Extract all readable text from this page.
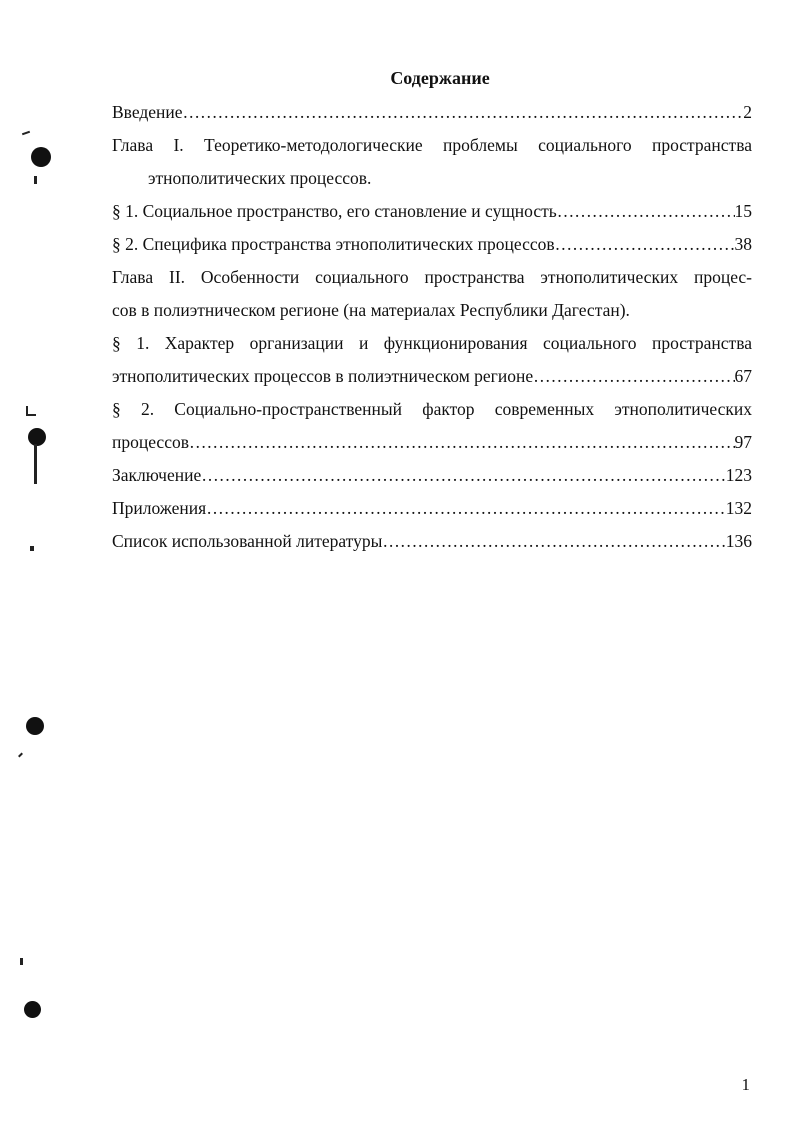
Содержание
Введение ………………………………………………………………………………………………………………………………………………………………………………………………	2
Глава I. Теоретико-методологические проблемы социального пространства
этнополитических процессов.
§ 1. Социальное пространство, его становление и сущность ………………………………………………………………………………………………………………………………………………………………………………………………	15
§ 2. Специфика пространства этнополитических процессов ………………………………………………………………………………………………………………………………………………………………………………………………	38
Глава II. Особенности социального пространства этнополитических процес-
сов в полиэтническом регионе (на материалах Республики Дагестан).
§ 1. Характер организации и функционирования социального пространства
этнополитических процессов в полиэтническом регионе ………………………………………………………………………………………………………………………………………………………………………………………………	67
§ 2. Социально-пространственный фактор современных этнополитических
процессов ………………………………………………………………………………………………………………………………………………………………………………………………	97
Заключение ………………………………………………………………………………………………………………………………………………………………………………………………	123
Приложения ………………………………………………………………………………………………………………………………………………………………………………………………	132
Список использованной литературы ………………………………………………………………………………………………………………………………………………………………………………………………	136
1
